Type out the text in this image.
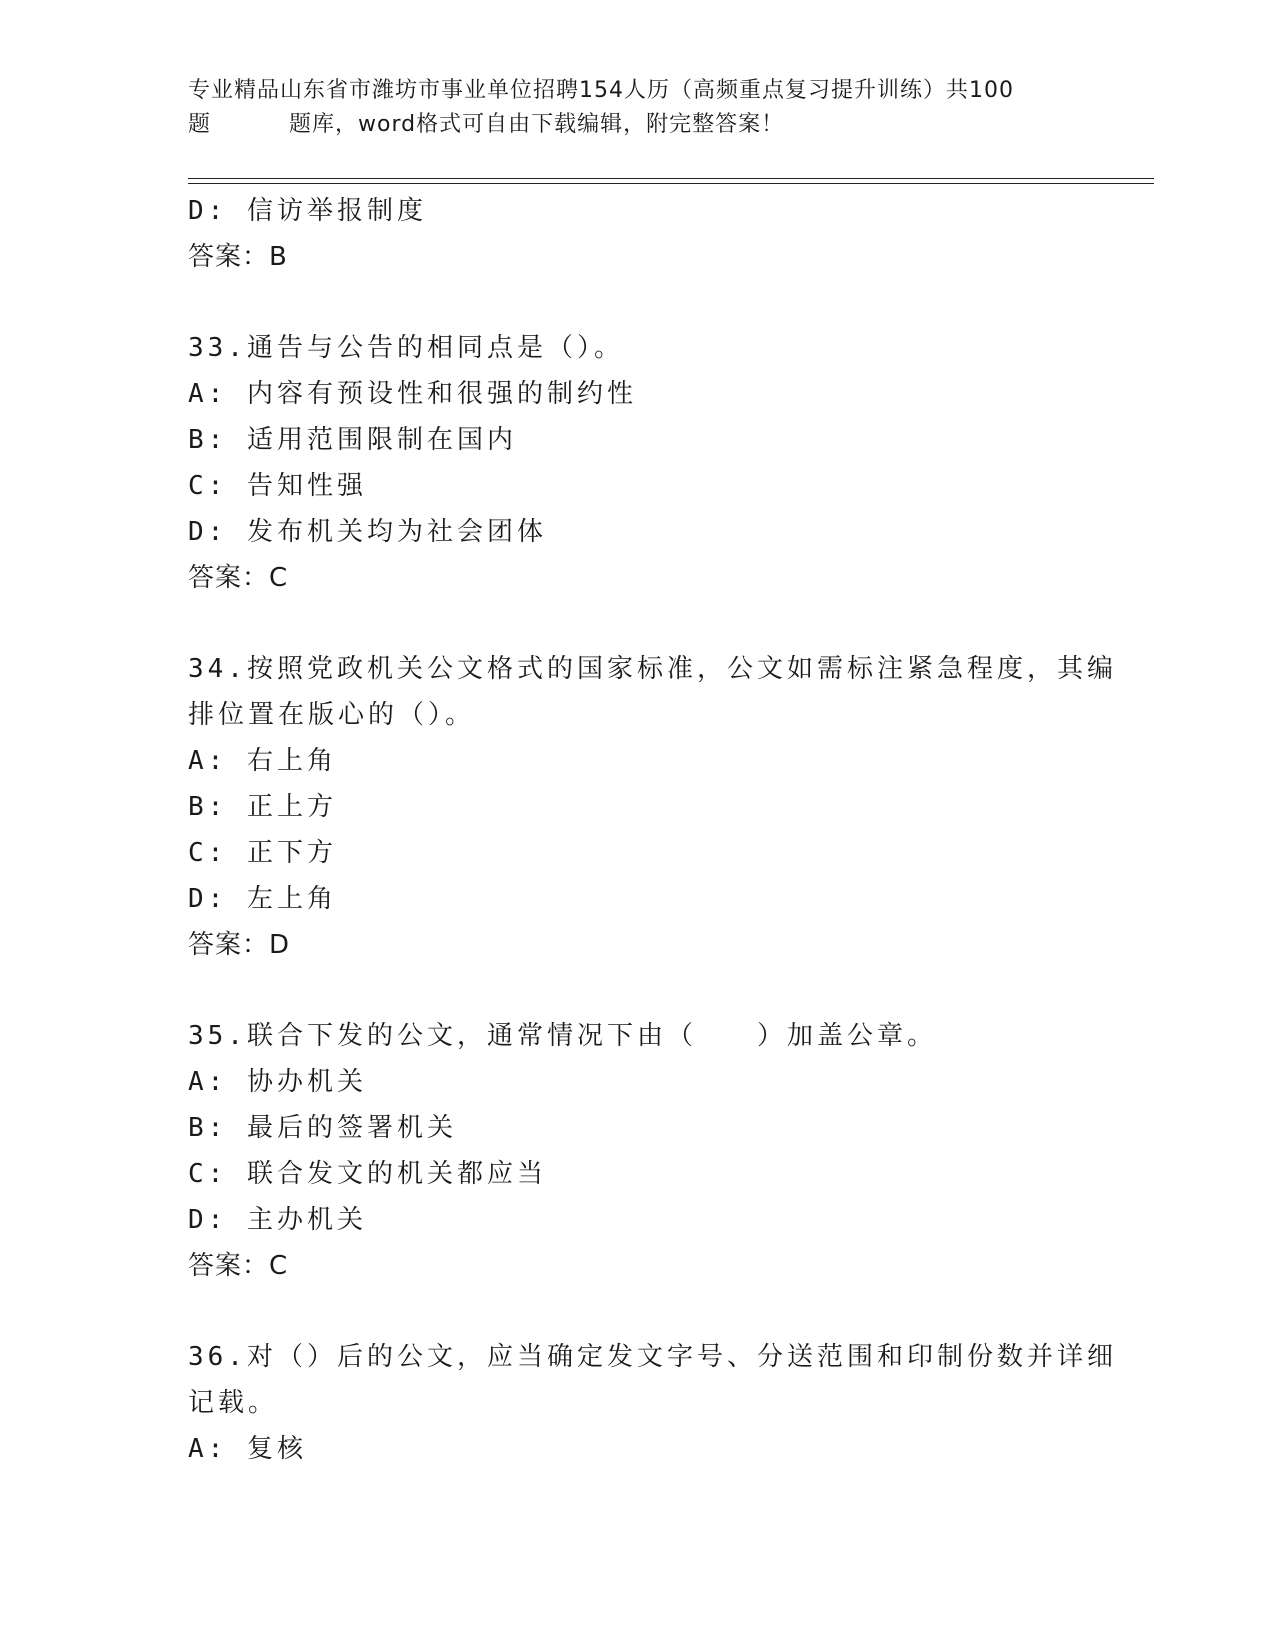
专业精品山东省市潍坊市事业单位招聘154人历（高频重点复习提升训练）共100
题	题库，word格式可自由下载编辑，附完整答案！
D: 信访举报制度
答案：B
33.通告与公告的相同点是（）。
A: 内容有预设性和很强的制约性
B: 适用范围限制在国内
C: 告知性强
D: 发布机关均为社会团体
答案：C
34.按照党政机关公文格式的国家标准，公文如需标注紧急程度，其编
排位置在版心的（）。
A: 右上角
B: 正上方
C: 正下方
D: 左上角
答案：D
35.联合下发的公文，通常情况下由（　　）加盖公章。
A: 协办机关
B: 最后的签署机关
C: 联合发文的机关都应当
D: 主办机关
答案：C
36.对（）后的公文，应当确定发文字号、分送范围和印制份数并详细
记载。
A: 复核
